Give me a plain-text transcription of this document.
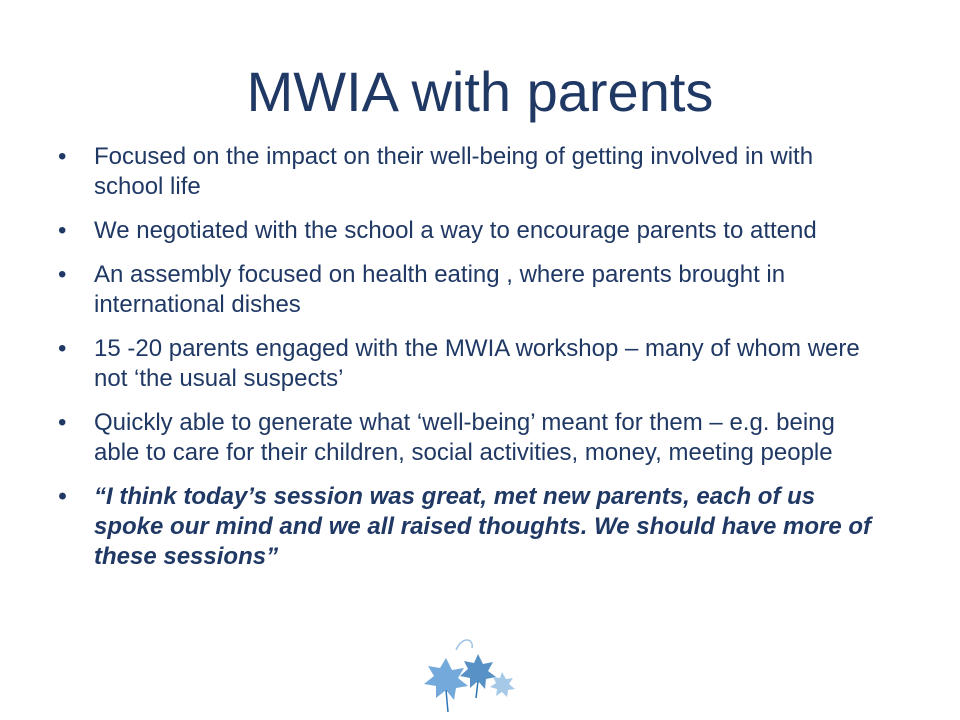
MWIA with parents
• Focused on the impact on their well-being of getting involved in with school life
• We negotiated with the school a way to encourage parents to attend
• An assembly focused on health eating , where parents brought in international dishes
• 15 -20 parents engaged with the MWIA workshop – many of whom were not ‘the usual suspects’
• Quickly able to generate what ‘well-being’ meant for them – e.g. being able to care for their children, social activities, money, meeting people
• “I think today’s session was great, met new parents, each of us spoke our mind and we all raised thoughts. We should have more of these sessions”
